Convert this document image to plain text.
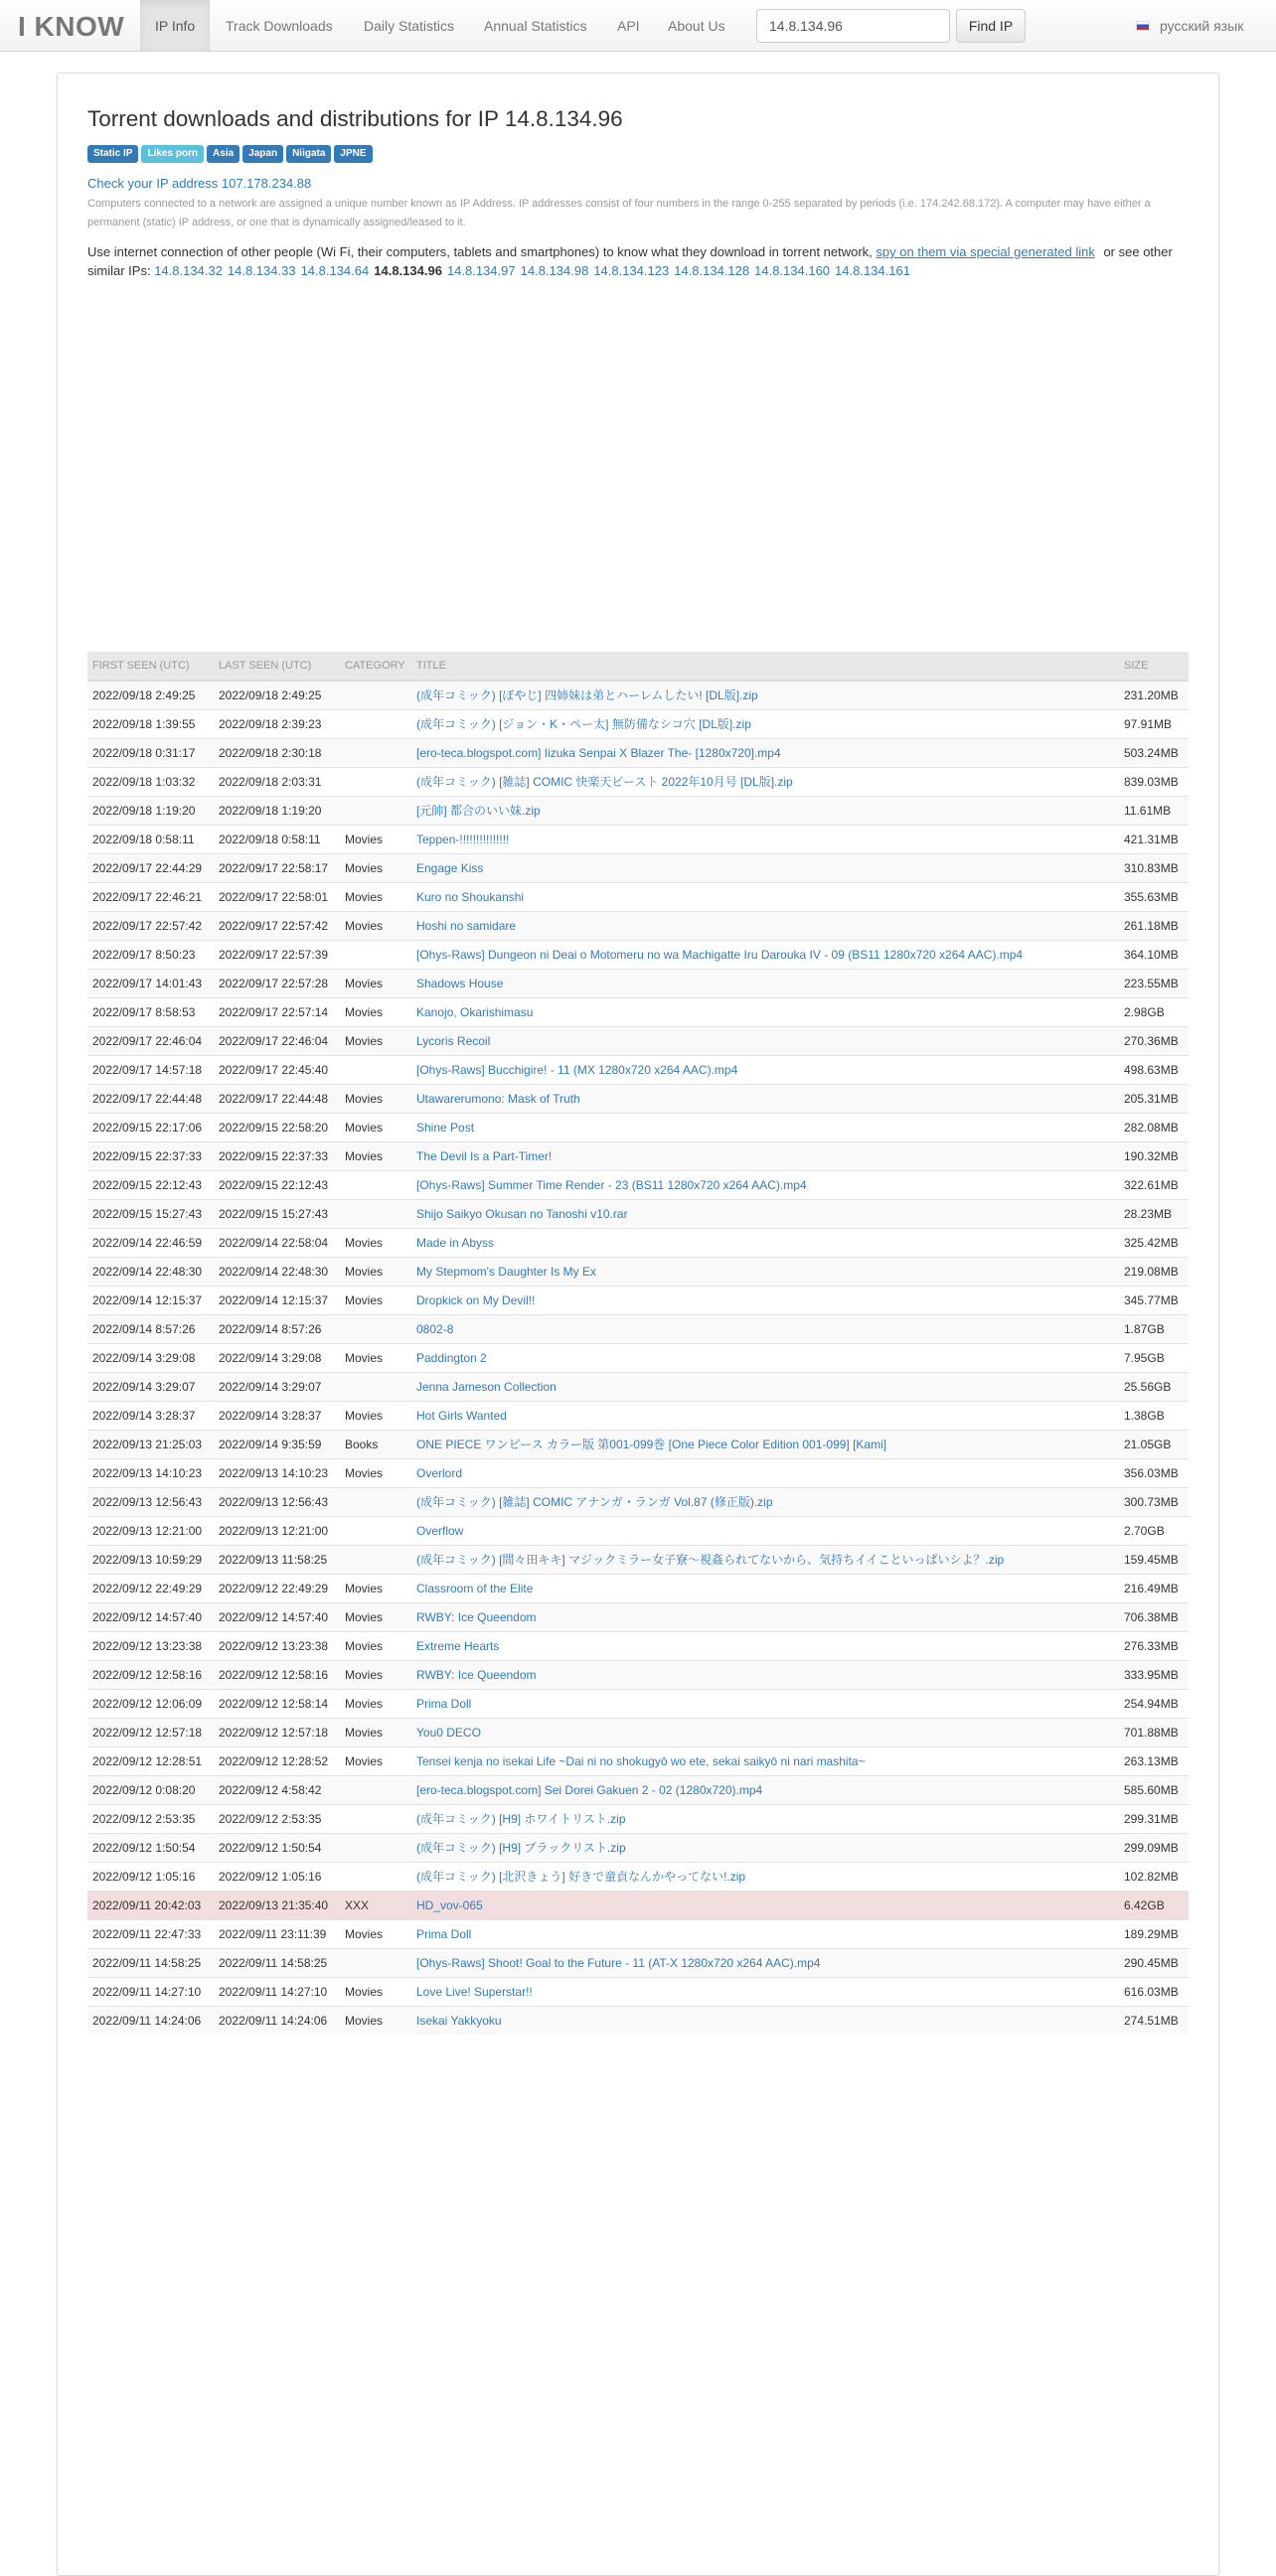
I KNOW	IP Info	Track Downloads	Daily Statistics	Annual Statistics	API	About Us
14.8.134.96	Find IP	русский язык
Torrent downloads and distributions for IP 14.8.134.96
Static IP Likes porn Asia Japan Niigata JPNE
Check your IP address 107.178.234.88
Computers connected to a network are assigned a unique number known as IP Address. IP addresses consist of four numbers in the range 0-255 separated by periods (i.e. 174.242.68.172). A computer may have either a permanent (static) IP address, or one that is dynamically assigned/leased to it.
Use internet connection of other people (Wi Fi, their computers, tablets and smartphones) to know what they download in torrent network, spy on them via special generated link or see other similar IPs: 14.8.134.32 14.8.134.33 14.8.134.64 14.8.134.96 14.8.134.97 14.8.134.98 14.8.134.123 14.8.134.128 14.8.134.160 14.8.134.161
FIRST SEEN (UTC)	LAST SEEN (UTC)	CATEGORY	TITLE	SIZE
2022/09/18 2:49:25	2022/09/18 2:49:25		(成年コミック) [ぼやじ] 四姉妹は弟とハーレムしたい! [DL版].zip	231.20MB
2022/09/18 1:39:55	2022/09/18 2:39:23		(成年コミック) [ジョン・K・ペー太] 無防備なシコ穴 [DL版].zip	97.91MB
2022/09/18 0:31:17	2022/09/18 2:30:18		[ero-teca.blogspot.com] Iizuka Senpai X Blazer The- [1280x720].mp4	503.24MB
2022/09/18 1:03:32	2022/09/18 2:03:31		(成年コミック) [雑誌] COMIC 快楽天ビースト 2022年10月号 [DL版].zip	839.03MB
2022/09/18 1:19:20	2022/09/18 1:19:20		[元帥] 都合のいい妹.zip	11.61MB
2022/09/18 0:58:11	2022/09/18 0:58:11	Movies	Teppen-!!!!!!!!!!!!!!!	421.31MB
2022/09/17 22:44:29	2022/09/17 22:58:17	Movies	Engage Kiss	310.83MB
2022/09/17 22:46:21	2022/09/17 22:58:01	Movies	Kuro no Shoukanshi	355.63MB
2022/09/17 22:57:42	2022/09/17 22:57:42	Movies	Hoshi no samidare	261.18MB
2022/09/17 8:50:23	2022/09/17 22:57:39		[Ohys-Raws] Dungeon ni Deai o Motomeru no wa Machigatte Iru Darouka IV - 09 (BS11 1280x720 x264 AAC).mp4	364.10MB
2022/09/17 14:01:43	2022/09/17 22:57:28	Movies	Shadows House	223.55MB
2022/09/17 8:58:53	2022/09/17 22:57:14	Movies	Kanojo, Okarishimasu	2.98GB
2022/09/17 22:46:04	2022/09/17 22:46:04	Movies	Lycoris Recoil	270.36MB
2022/09/17 14:57:18	2022/09/17 22:45:40		[Ohys-Raws] Bucchigire! - 11 (MX 1280x720 x264 AAC).mp4	498.63MB
2022/09/17 22:44:48	2022/09/17 22:44:48	Movies	Utawarerumono: Mask of Truth	205.31MB
2022/09/15 22:17:06	2022/09/15 22:58:20	Movies	Shine Post	282.08MB
2022/09/15 22:37:33	2022/09/15 22:37:33	Movies	The Devil Is a Part-Timer!	190.32MB
2022/09/15 22:12:43	2022/09/15 22:12:43		[Ohys-Raws] Summer Time Render - 23 (BS11 1280x720 x264 AAC).mp4	322.61MB
2022/09/15 15:27:43	2022/09/15 15:27:43		Shijo Saikyo Okusan no Tanoshi v10.rar	28.23MB
2022/09/14 22:46:59	2022/09/14 22:58:04	Movies	Made in Abyss	325.42MB
2022/09/14 22:48:30	2022/09/14 22:48:30	Movies	My Stepmom's Daughter Is My Ex	219.08MB
2022/09/14 12:15:37	2022/09/14 12:15:37	Movies	Dropkick on My Devil!!	345.77MB
2022/09/14 8:57:26	2022/09/14 8:57:26		0802-8	1.87GB
2022/09/14 3:29:08	2022/09/14 3:29:08	Movies	Paddington 2	7.95GB
2022/09/14 3:29:07	2022/09/14 3:29:07		Jenna Jameson Collection	25.56GB
2022/09/14 3:28:37	2022/09/14 3:28:37	Movies	Hot Girls Wanted	1.38GB
2022/09/13 21:25:03	2022/09/14 9:35:59	Books	ONE PIECE ワンピース カラー版 第001-099巻 [One Piece Color Edition 001-099] [Kami]	21.05GB
2022/09/13 14:10:23	2022/09/13 14:10:23	Movies	Overlord	356.03MB
2022/09/13 12:56:43	2022/09/13 12:56:43		(成年コミック) [雑誌] COMIC アナンガ・ランガ Vol.87 (修正版).zip	300.73MB
2022/09/13 12:21:00	2022/09/13 12:21:00		Overflow	2.70GB
2022/09/13 10:59:29	2022/09/13 11:58:25		(成年コミック) [間々田キキ] マジックミラー女子寮～視姦られてないから、気持ちイイこといっぱいシよ？.zip	159.45MB
2022/09/12 22:49:29	2022/09/12 22:49:29	Movies	Classroom of the Elite	216.49MB
2022/09/12 14:57:40	2022/09/12 14:57:40	Movies	RWBY: Ice Queendom	706.38MB
2022/09/12 13:23:38	2022/09/12 13:23:38	Movies	Extreme Hearts	276.33MB
2022/09/12 12:58:16	2022/09/12 12:58:16	Movies	RWBY: Ice Queendom	333.95MB
2022/09/12 12:06:09	2022/09/12 12:58:14	Movies	Prima Doll	254.94MB
2022/09/12 12:57:18	2022/09/12 12:57:18	Movies	You0 DECO	701.88MB
2022/09/12 12:28:51	2022/09/12 12:28:52	Movies	Tensei kenja no isekai Life ~Dai ni no shokugyō wo ete, sekai saikyō ni nari mashita~	263.13MB
2022/09/12 0:08:20	2022/09/12 4:58:42		[ero-teca.blogspot.com] Sei Dorei Gakuen 2 - 02 (1280x720).mp4	585.60MB
2022/09/12 2:53:35	2022/09/12 2:53:35		(成年コミック) [H9] ホワイトリスト.zip	299.31MB
2022/09/12 1:50:54	2022/09/12 1:50:54		(成年コミック) [H9] ブラックリスト.zip	299.09MB
2022/09/12 1:05:16	2022/09/12 1:05:16		(成年コミック) [北沢きょう] 好きで童貞なんかやってない!.zip	102.82MB
2022/09/11 20:42:03	2022/09/13 21:35:40	XXX	HD_vov-065	6.42GB
2022/09/11 22:47:33	2022/09/11 23:11:39	Movies	Prima Doll	189.29MB
2022/09/11 14:58:25	2022/09/11 14:58:25		[Ohys-Raws] Shoot! Goal to the Future - 11 (AT-X 1280x720 x264 AAC).mp4	290.45MB
2022/09/11 14:27:10	2022/09/11 14:27:10	Movies	Love Live! Superstar!!	616.03MB
2022/09/11 14:24:06	2022/09/11 14:24:06	Movies	Isekai Yakkyoku	274.51MB
